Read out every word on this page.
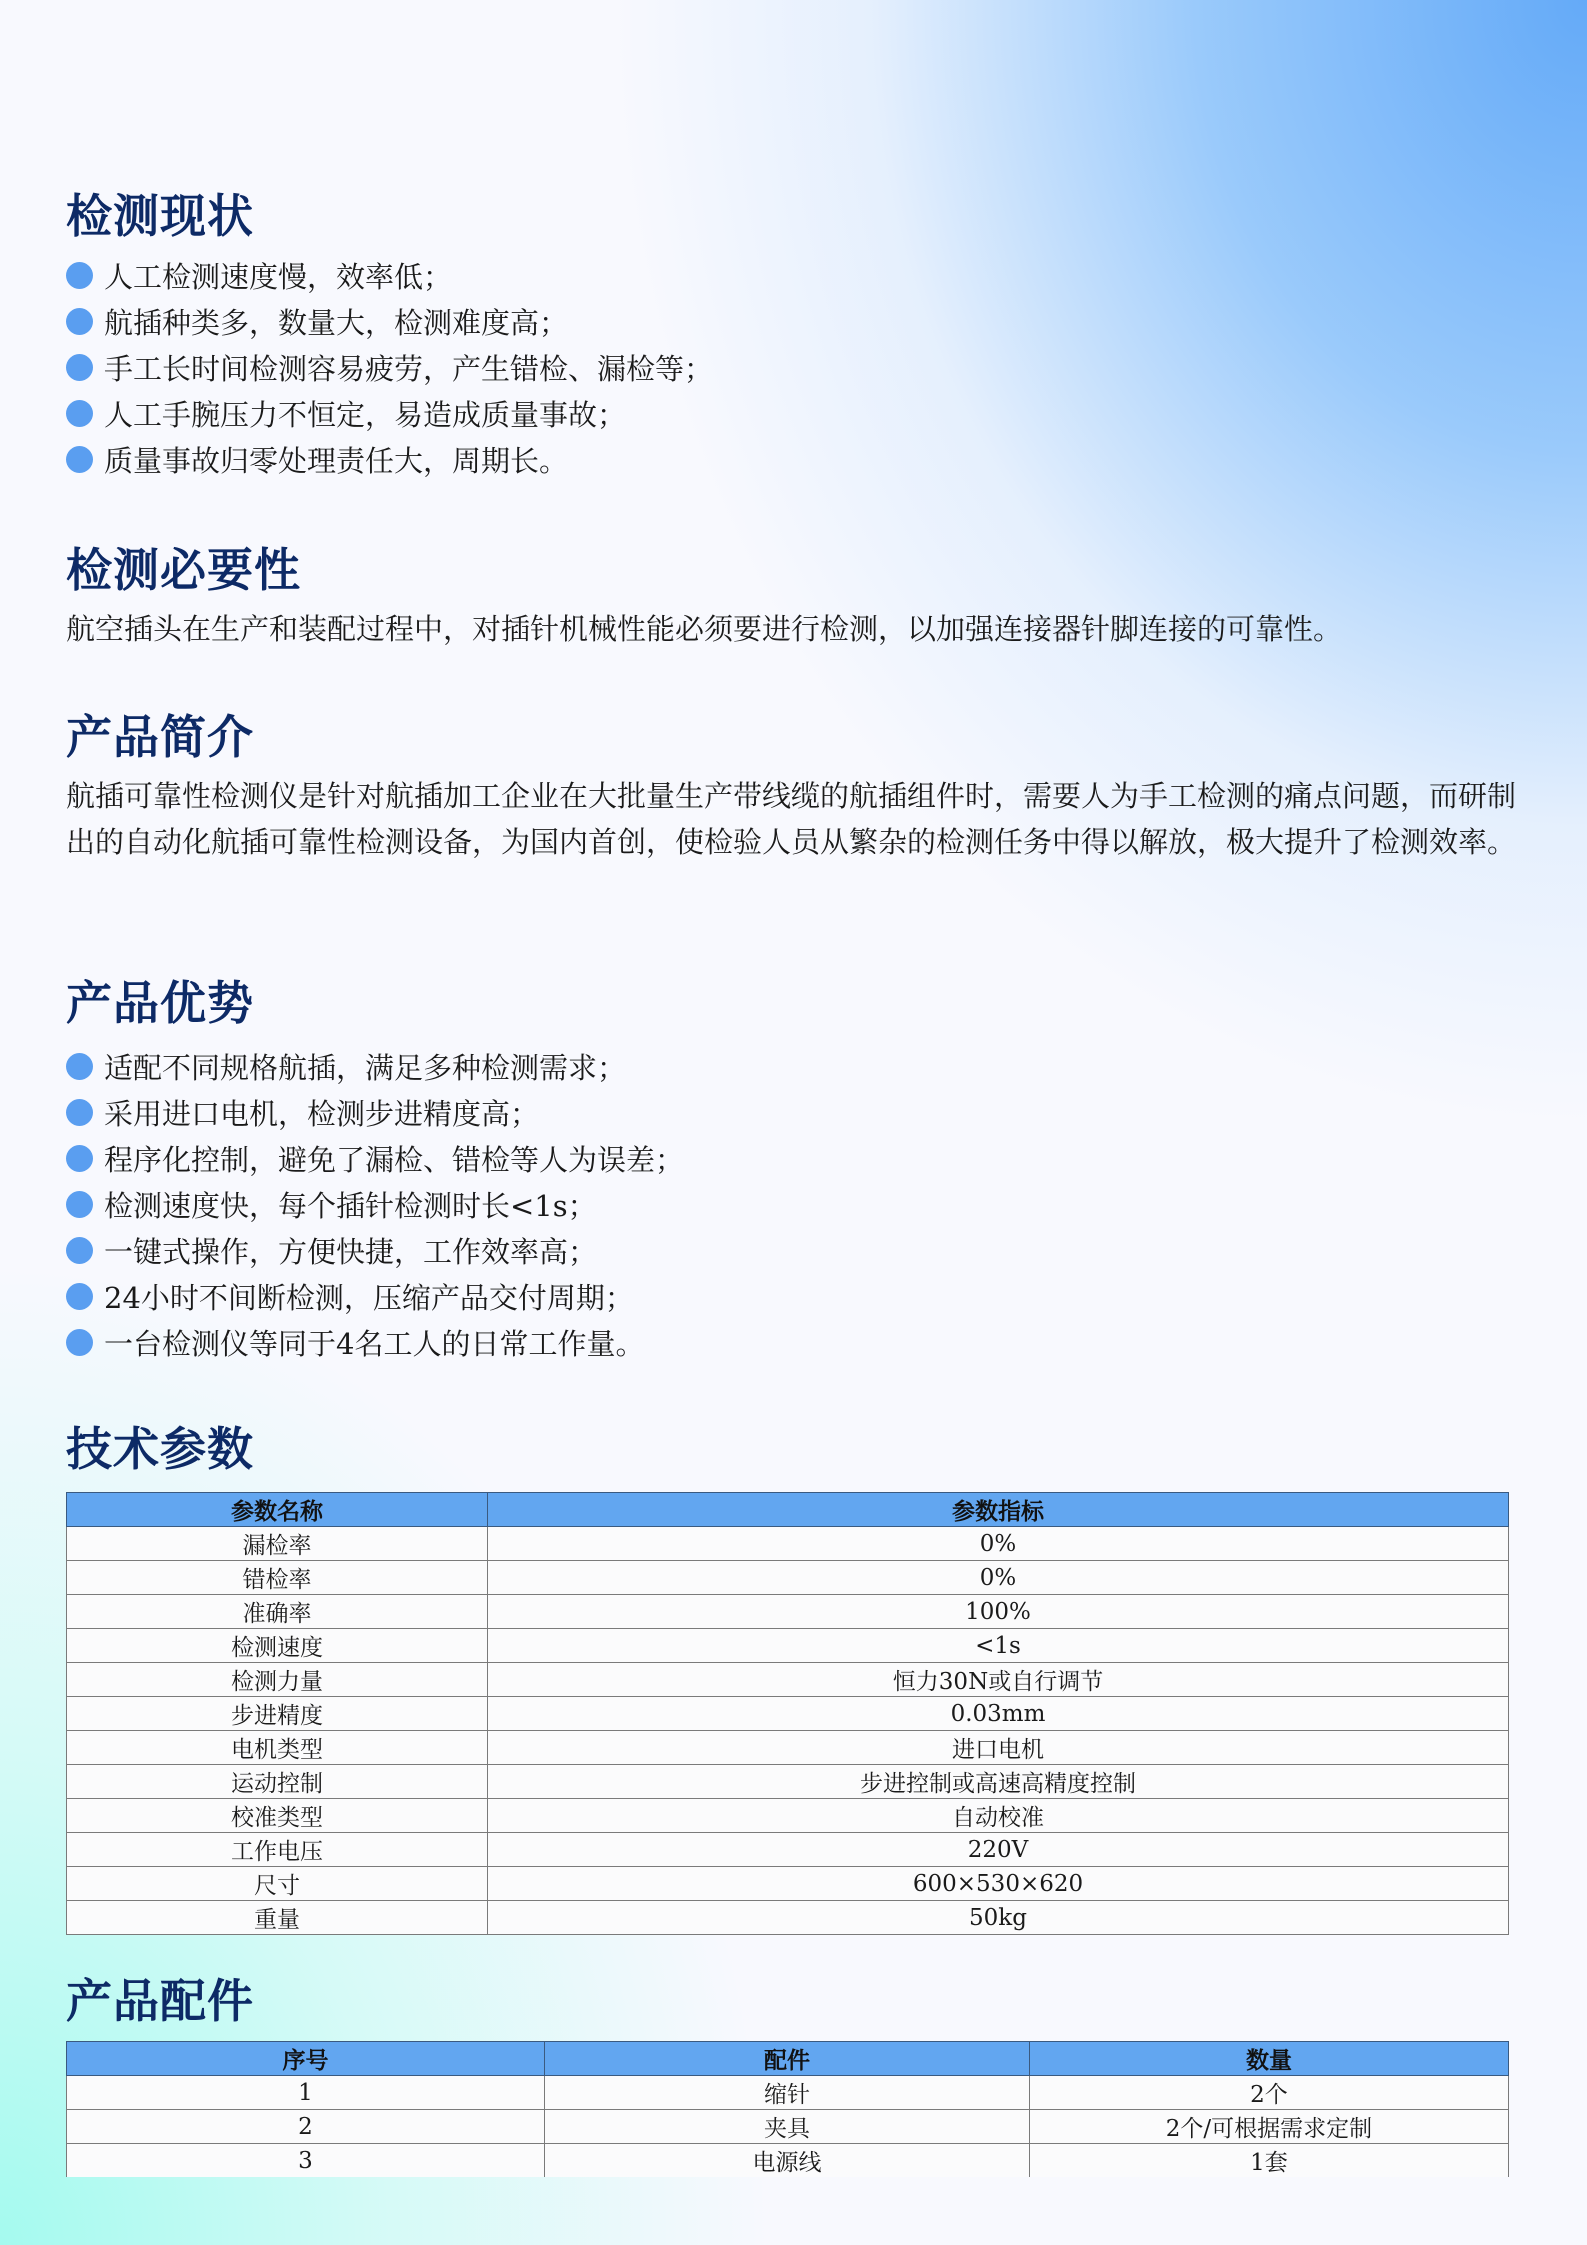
检测现状
人工检测速度慢，效率低；
航插种类多，数量大，检测难度高；
手工长时间检测容易疲劳，产生错检、漏检等；
人工手腕压力不恒定，易造成质量事故；
质量事故归零处理责任大，周期长。
检测必要性

航空插头在生产和装配过程中，对插针机械性能必须要进行检测，以加强连接器针脚连接的可靠性。

产品简介

航插可靠性检测仪是针对航插加工企业在大批量生产带线缆的航插组件时，需要人为手工检测的痛点问题，而研制出的自动化航插可靠性检测设备，为国内首创，使检验人员从繁杂的检测任务中得以解放，极大提升了检测效率。

产品优势
适配不同规格航插，满足多种检测需求；
采用进口电机，检测步进精度高；
程序化控制，避免了漏检、错检等人为误差；
检测速度快，每个插针检测时长<1s；
一键式操作，方便快捷，工作效率高；
24小时不间断检测，压缩产品交付周期；
一台检测仪等同于4名工人的日常工作量。
技术参数
参数名称	参数指标
漏检率	0%
错检率	0%
准确率	100%
检测速度	<1s
检测力量	恒力30N或自行调节
步进精度	0.03mm
电机类型	进口电机
运动控制	步进控制或高速高精度控制
校准类型	自动校准
工作电压	220V
尺寸	600×530×620
重量	50kg
产品配件
序号	配件	数量
1	缩针	2个
2	夹具	2个/可根据需求定制
3	电源线	1套
